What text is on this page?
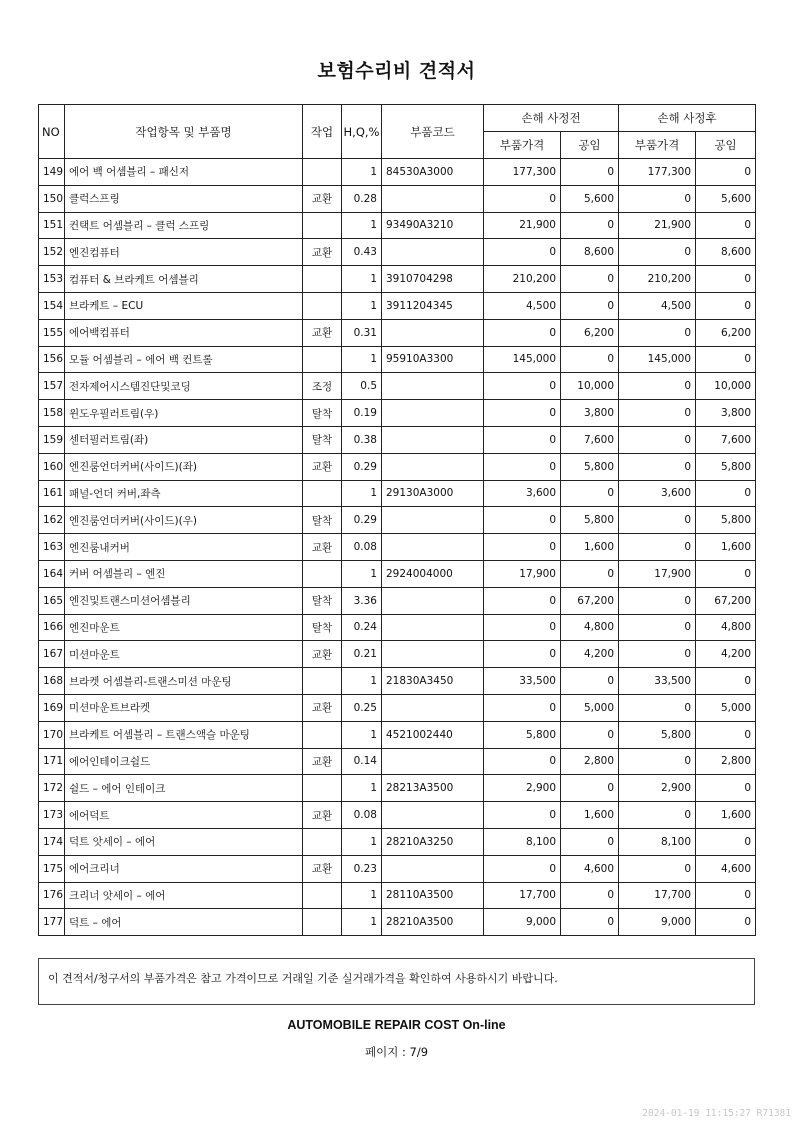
보험수리비 견적서
NO	작업항목 및 부품명	작업	H,Q,%	부품코드	손해 사정전		손해 사정후	
					부품가격	공임	부품가격	공임
149	에어 백 어셈블리 – 패신저		1	84530A3000	177,300	0	177,300	0
150	클럭스프링	교환	0.28		0	5,600	0	5,600
151	컨택트 어셈블리 – 클럭 스프링		1	93490A3210	21,900	0	21,900	0
152	엔진컴퓨터	교환	0.43		0	8,600	0	8,600
153	컴퓨터 & 브라케트 어셈블리		1	3910704298	210,200	0	210,200	0
154	브라케트 – ECU		1	3911204345	4,500	0	4,500	0
155	에어백컴퓨터	교환	0.31		0	6,200	0	6,200
156	모듈 어셈블리 – 에어 백 컨트롤		1	95910A3300	145,000	0	145,000	0
157	전자제어시스템진단및코딩	조정	0.5		0	10,000	0	10,000
158	윈도우필러트림(우)	탈착	0.19		0	3,800	0	3,800
159	센터필러트림(좌)	탈착	0.38		0	7,600	0	7,600
160	엔진룸언더커버(사이드)(좌)	교환	0.29		0	5,800	0	5,800
161	패널-언더 커버,좌측		1	29130A3000	3,600	0	3,600	0
162	엔진룸언더커버(사이드)(우)	탈착	0.29		0	5,800	0	5,800
163	엔진룸내커버	교환	0.08		0	1,600	0	1,600
164	커버 어셈블리 – 엔진		1	2924004000	17,900	0	17,900	0
165	엔진및트랜스미션어셈블리	탈착	3.36		0	67,200	0	67,200
166	엔진마운트	탈착	0.24		0	4,800	0	4,800
167	미션마운트	교환	0.21		0	4,200	0	4,200
168	브라켓 어셈블리-트랜스미션 마운팅		1	21830A3450	33,500	0	33,500	0
169	미션마운트브라켓	교환	0.25		0	5,000	0	5,000
170	브라케트 어셈블리 – 트랜스액슬 마운팅		1	4521002440	5,800	0	5,800	0
171	에어인테이크쉴드	교환	0.14		0	2,800	0	2,800
172	쉴드 – 에어 인테이크		1	28213A3500	2,900	0	2,900	0
173	에어덕트	교환	0.08		0	1,600	0	1,600
174	덕트 앗세이 – 에어		1	28210A3250	8,100	0	8,100	0
175	에어크리너	교환	0.23		0	4,600	0	4,600
176	크리너 앗세이 – 에어		1	28110A3500	17,700	0	17,700	0
177	덕트 – 에어		1	28210A3500	9,000	0	9,000	0
이 견적서/청구서의 부품가격은 참고 가격이므로 거래일 기준 실거래가격을 확인하여 사용하시기 바랍니다.
AUTOMOBILE REPAIR COST On-line
페이지 : 7/9
2024-01-19 11:15:27 R71381
